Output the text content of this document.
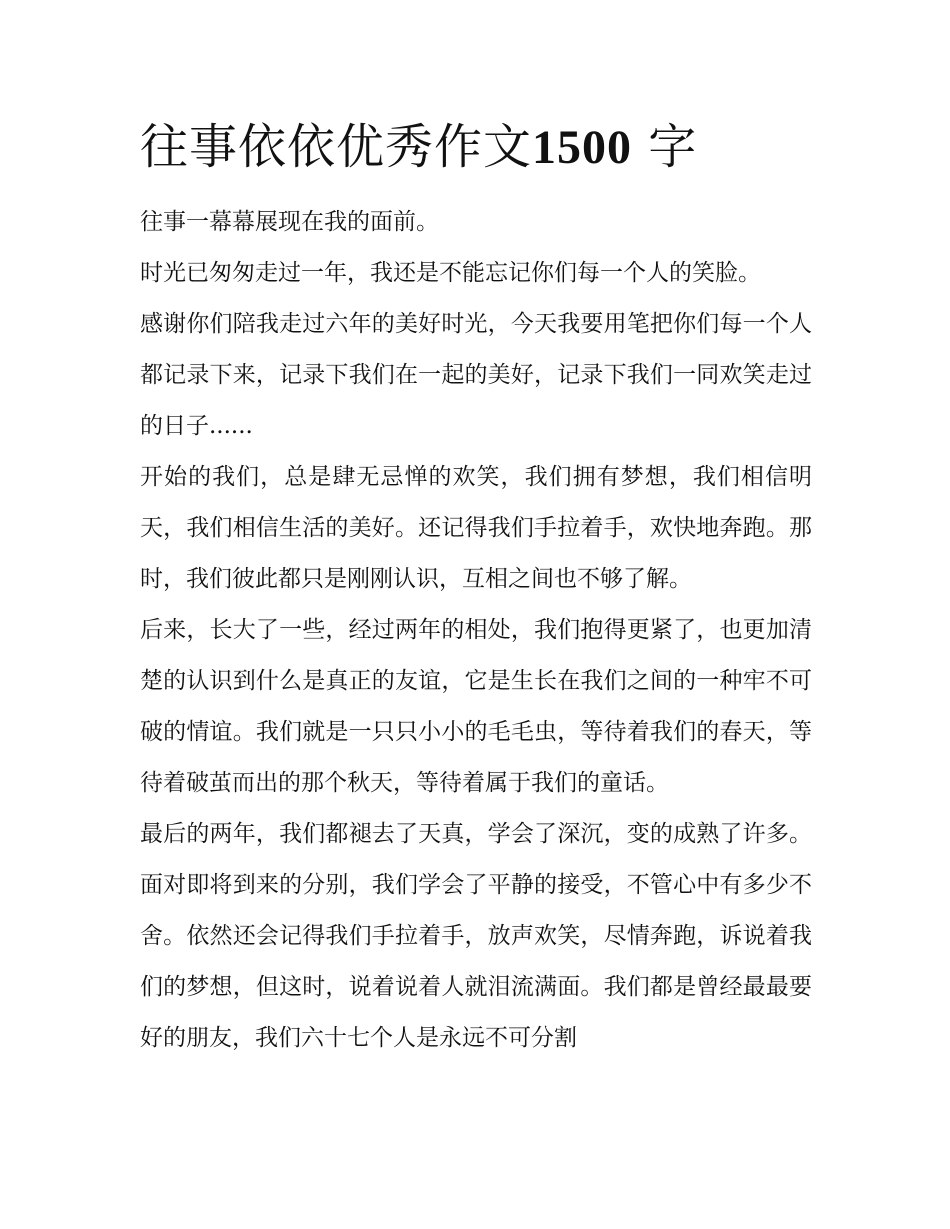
往事依依优秀作文1500 字

往事一幕幕展现在我的面前。

时光已匆匆走过一年，我还是不能忘记你们每一个人的笑脸。

感谢你们陪我走过六年的美好时光，今天我要用笔把你们每一个人都记录下来，记录下我们在一起的美好，记录下我们一同欢笑走过的日子......

开始的我们，总是肆无忌惮的欢笑，我们拥有梦想，我们相信明天，我们相信生活的美好。还记得我们手拉着手，欢快地奔跑。那时，我们彼此都只是刚刚认识，互相之间也不够了解。

后来，长大了一些，经过两年的相处，我们抱得更紧了，也更加清楚的认识到什么是真正的友谊，它是生长在我们之间的一种牢不可破的情谊。我们就是一只只小小的毛毛虫，等待着我们的春天，等待着破茧而出的那个秋天，等待着属于我们的童话。

最后的两年，我们都褪去了天真，学会了深沉，变的成熟了许多。面对即将到来的分别，我们学会了平静的接受，不管心中有多少不舍。依然还会记得我们手拉着手，放声欢笑，尽情奔跑，诉说着我们的梦想，但这时，说着说着人就泪流满面。我们都是曾经最最要好的朋友，我们六十七个人是永远不可分割
